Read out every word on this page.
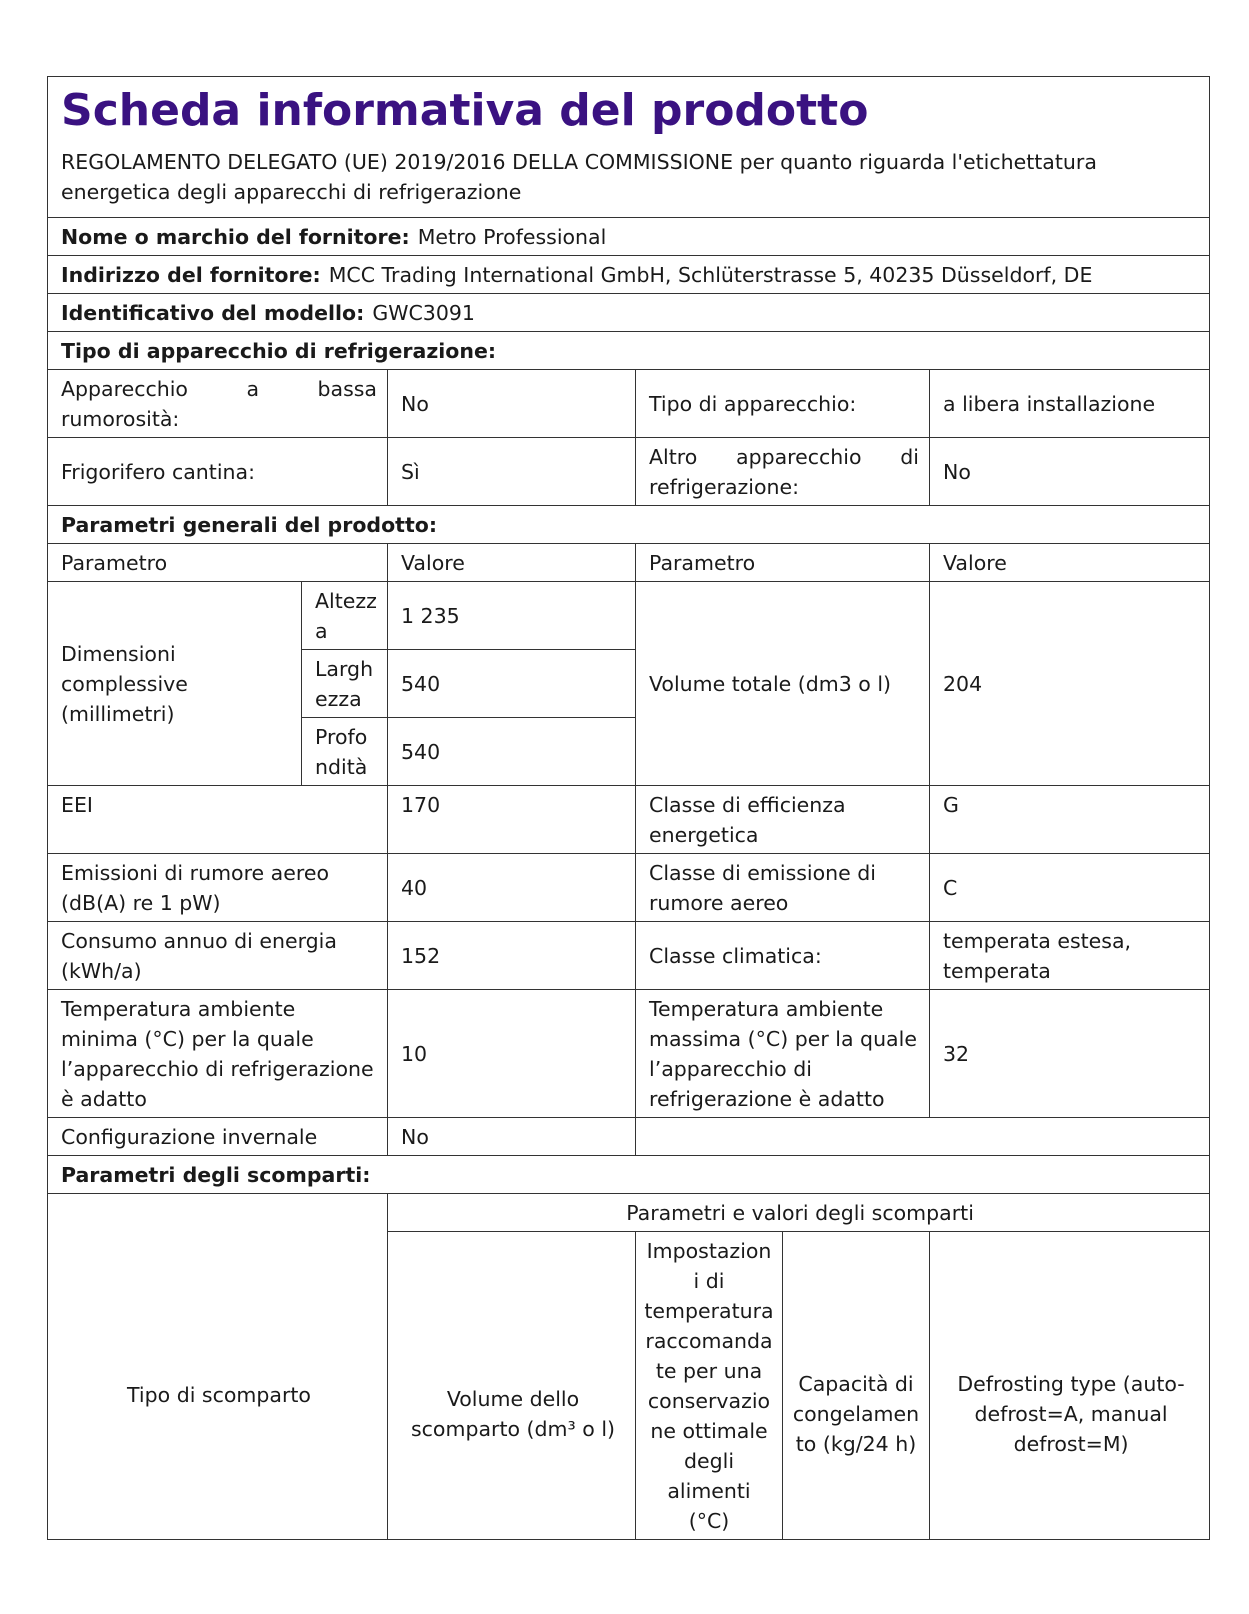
Scheda informativa del prodotto
REGOLAMENTO DELEGATO (UE) 2019/2016 DELLA COMMISSIONE per quanto riguarda l'etichettatura energetica degli apparecchi di refrigerazione					

Nome o marchio del fornitore: Metro Professional					
Indirizzo del fornitore: MCC Trading International GmbH, Schlüterstrasse 5, 40235 Düsseldorf, DE					
Identificativo del modello: GWC3091					
Tipo di apparecchio di refrigerazione:					
Apparecchio a bassa rumorosità:		No	Tipo di apparecchio:		a libera installazione
Frigorifero cantina:		Sì	Altro apparecchio di refrigerazione:		No
Parametri generali del prodotto:					
Parametro		Valore	Parametro		Valore
Dimensioni complessive (millimetri)	Altezza	1 235	Volume totale (dm3 o l)		204
	Larghezza	540			
	Profondità	540			
EEI		170	Classe di efficienza energetica		G
Emissioni di rumore aereo (dB(A) re 1 pW)		40	Classe di emissione di rumore aereo		C
Consumo annuo di energia (kWh/a)		152	Classe climatica:		temperata estesa, temperata
Temperatura ambiente minima (°C) per la quale l’apparecchio di refrigerazione è adatto		10	Temperatura ambiente massima (°C) per la quale l’apparecchio di refrigerazione è adatto		32
Configurazione invernale		No			
Parametri degli scomparti:					
Tipo di scomparto		Parametri e valori degli scomparti			
		Volume dello scomparto (dm³ o l)	Impostazioni di temperatura raccomandate per una conservazione ottimale degli alimenti (°C)	Capacità di congelamento (kg/24 h)	Defrosting type (auto-defrost=A, manual defrost=M)
